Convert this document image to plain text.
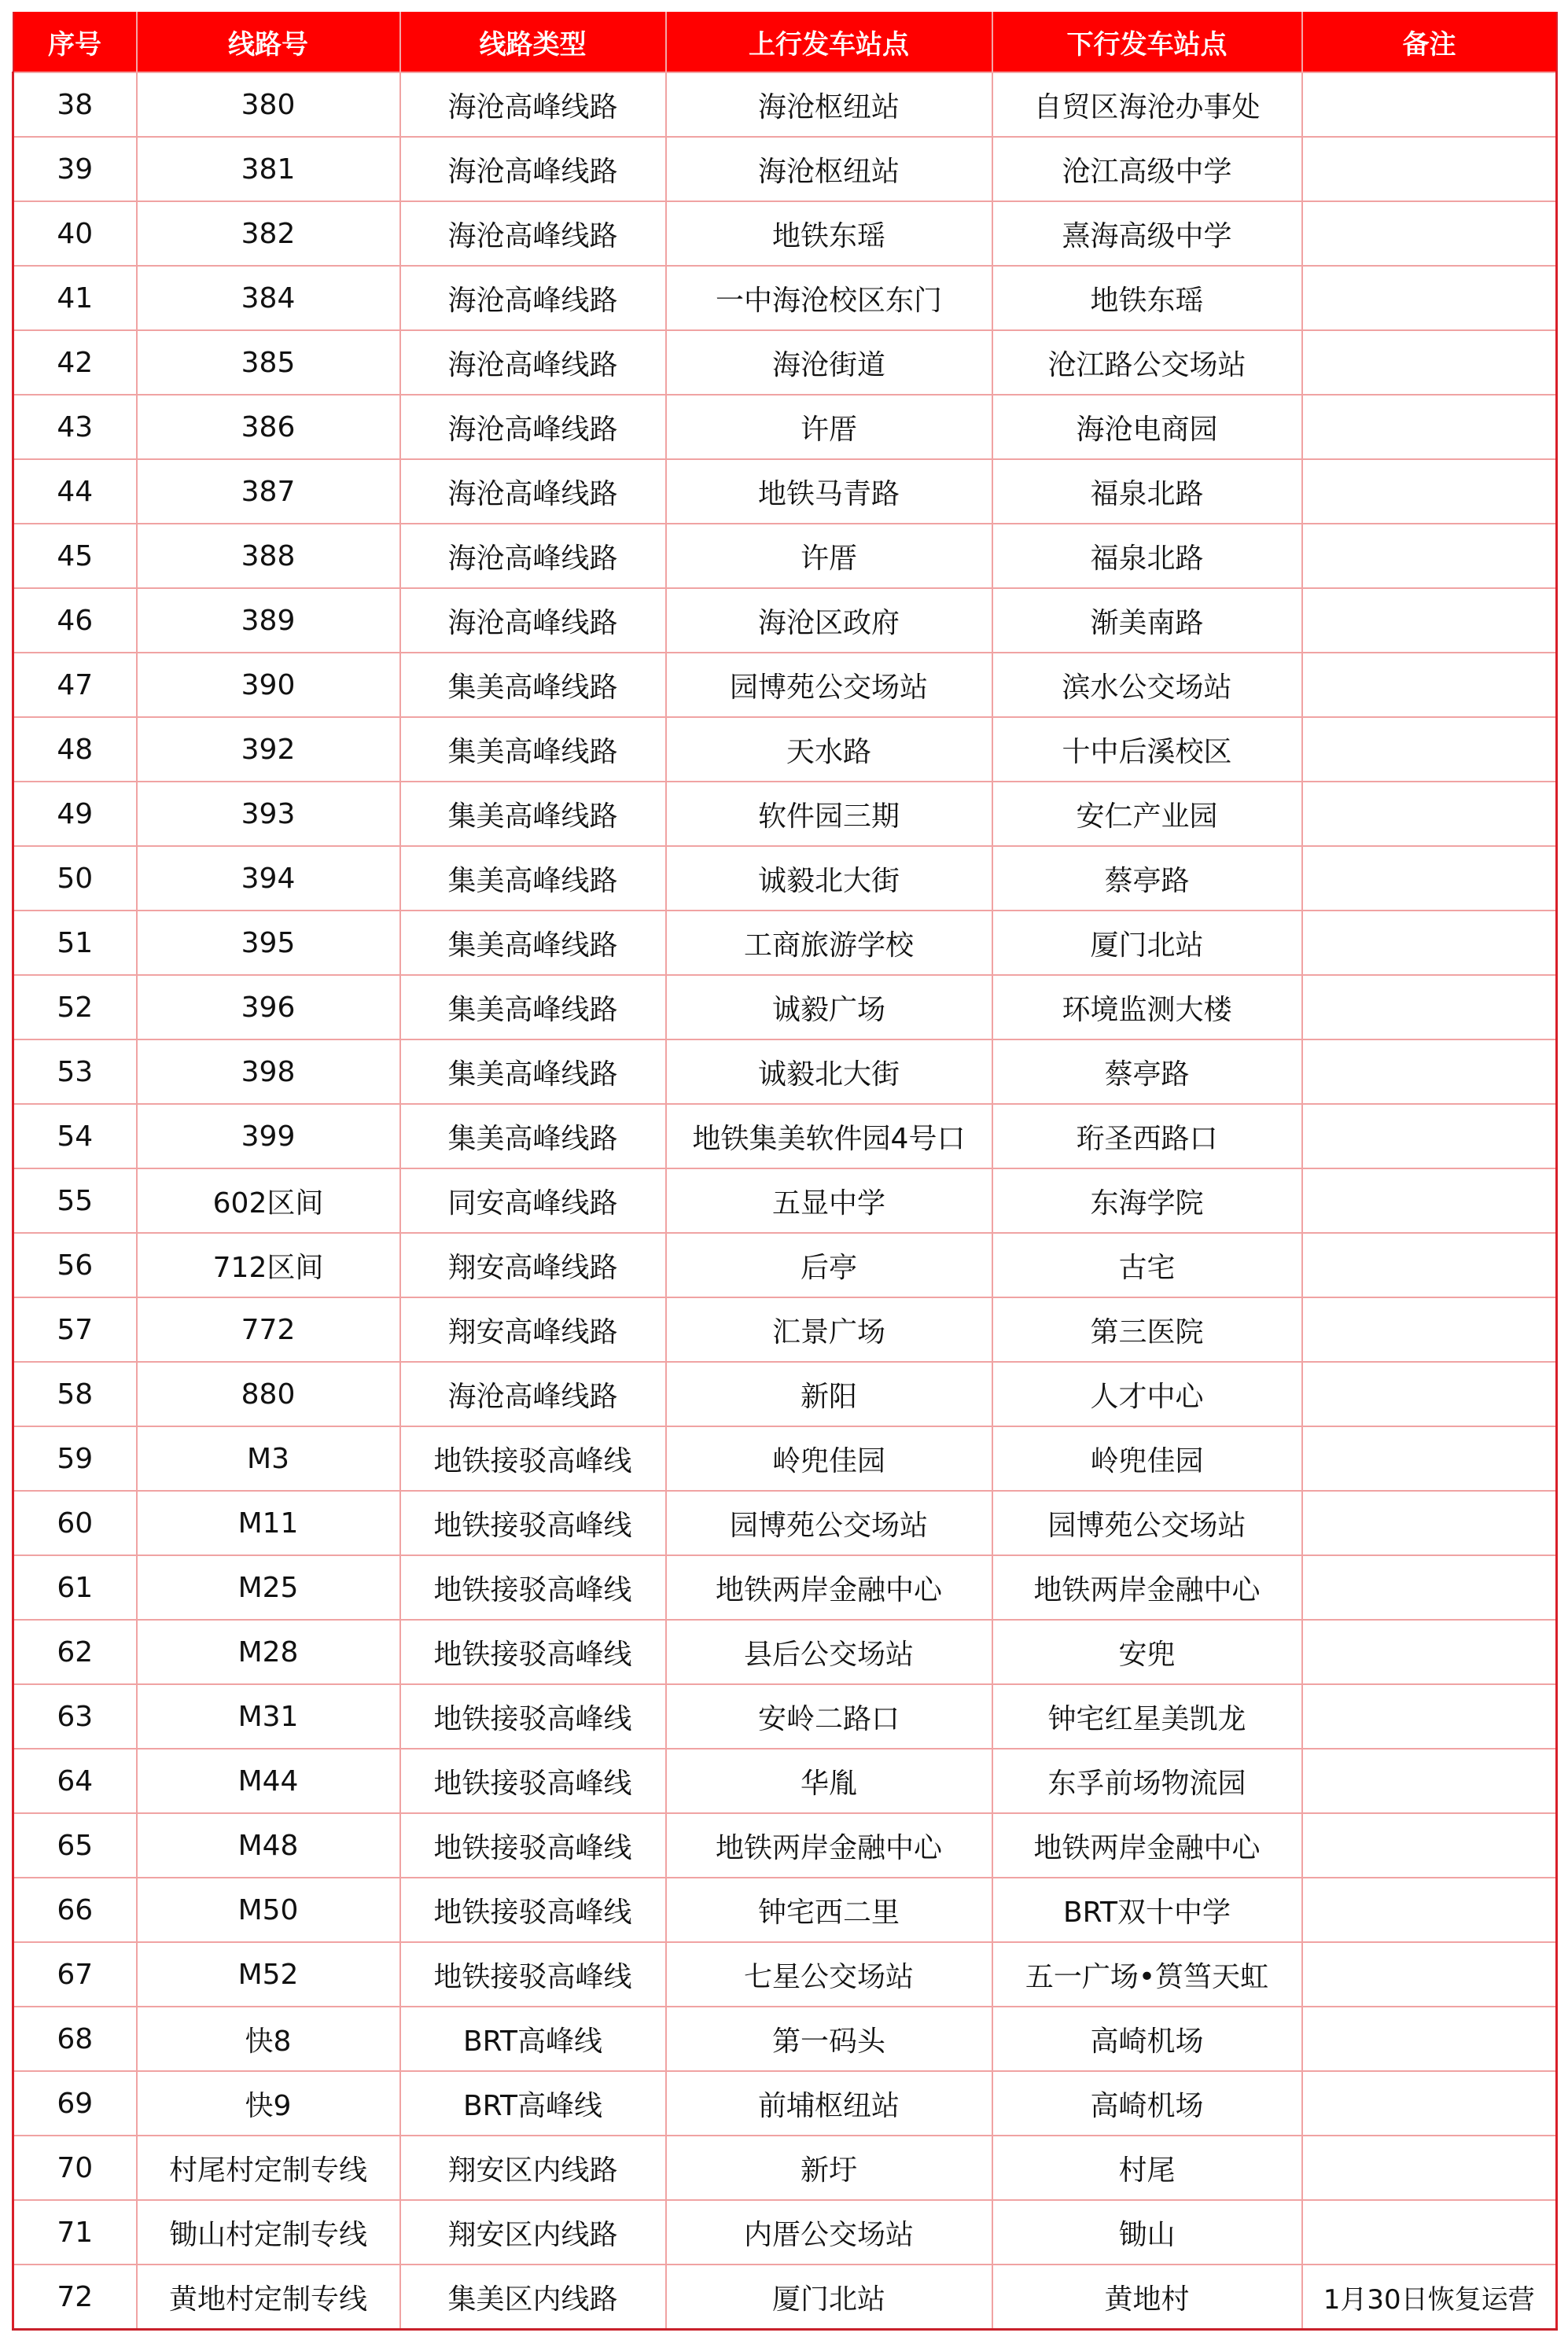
序号	线路号	线路类型	上行发车站点	下行发车站点	备注
38	380	海沧高峰线路	海沧枢纽站	自贸区海沧办事处	
39	381	海沧高峰线路	海沧枢纽站	沧江高级中学	
40	382	海沧高峰线路	地铁东瑶	熹海高级中学	
41	384	海沧高峰线路	一中海沧校区东门	地铁东瑶	
42	385	海沧高峰线路	海沧街道	沧江路公交场站	
43	386	海沧高峰线路	许厝	海沧电商园	
44	387	海沧高峰线路	地铁马青路	福泉北路	
45	388	海沧高峰线路	许厝	福泉北路	
46	389	海沧高峰线路	海沧区政府	渐美南路	
47	390	集美高峰线路	园博苑公交场站	滨水公交场站	
48	392	集美高峰线路	天水路	十中后溪校区	
49	393	集美高峰线路	软件园三期	安仁产业园	
50	394	集美高峰线路	诚毅北大街	蔡亭路	
51	395	集美高峰线路	工商旅游学校	厦门北站	
52	396	集美高峰线路	诚毅广场	环境监测大楼	
53	398	集美高峰线路	诚毅北大街	蔡亭路	
54	399	集美高峰线路	地铁集美软件园4号口	珩圣西路口	
55	602区间	同安高峰线路	五显中学	东海学院	
56	712区间	翔安高峰线路	后亭	古宅	
57	772	翔安高峰线路	汇景广场	第三医院	
58	880	海沧高峰线路	新阳	人才中心	
59	M3	地铁接驳高峰线	岭兜佳园	岭兜佳园	
60	M11	地铁接驳高峰线	园博苑公交场站	园博苑公交场站	
61	M25	地铁接驳高峰线	地铁两岸金融中心	地铁两岸金融中心	
62	M28	地铁接驳高峰线	县后公交场站	安兜	
63	M31	地铁接驳高峰线	安岭二路口	钟宅红星美凯龙	
64	M44	地铁接驳高峰线	华胤	东孚前场物流园	
65	M48	地铁接驳高峰线	地铁两岸金融中心	地铁两岸金融中心	
66	M50	地铁接驳高峰线	钟宅西二里	BRT双十中学	
67	M52	地铁接驳高峰线	七星公交场站	五一广场•筼筜天虹	
68	快8	BRT高峰线	第一码头	高崎机场	
69	快9	BRT高峰线	前埔枢纽站	高崎机场	
70	村尾村定制专线	翔安区内线路	新圩	村尾	
71	锄山村定制专线	翔安区内线路	内厝公交场站	锄山	
72	黄地村定制专线	集美区内线路	厦门北站	黄地村	1月30日恢复运营
